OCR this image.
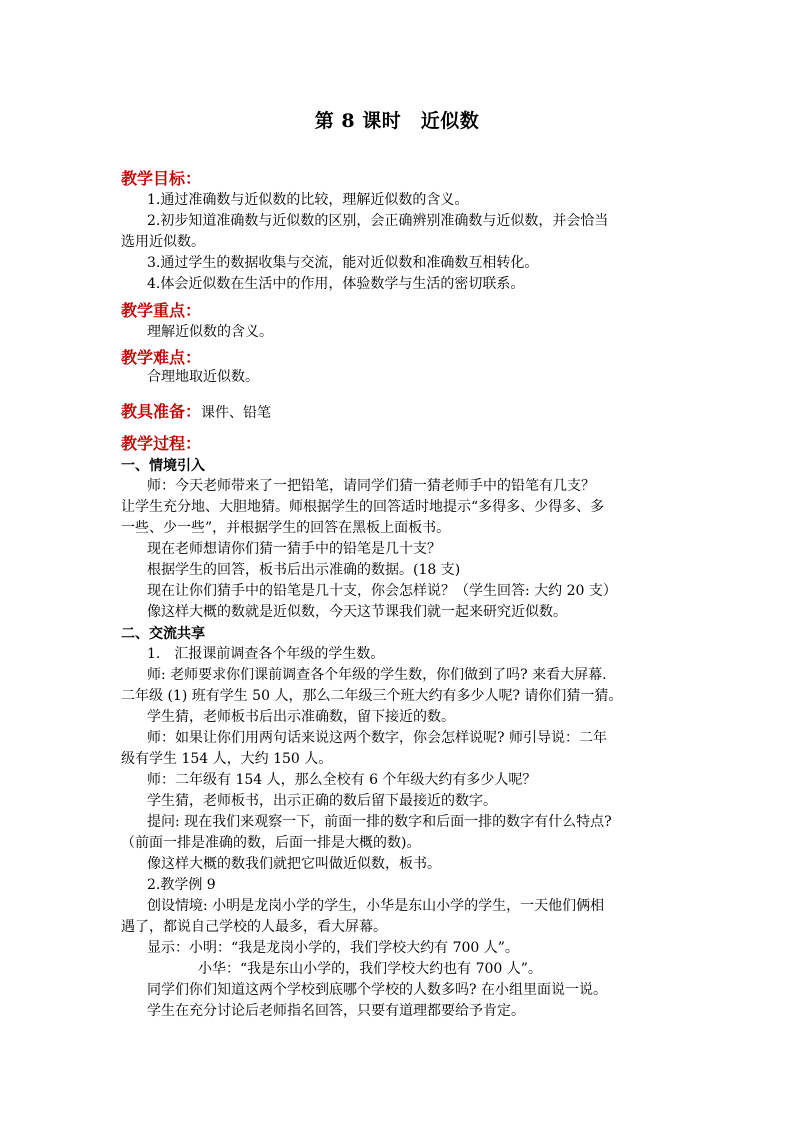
第 8 课时　近似数
教学目标：
1.通过准确数与近似数的比较，理解近似数的含义。
2.初步知道准确数与近似数的区别，会正确辨别准确数与近似数，并会恰当
选用近似数。
3.通过学生的数据收集与交流，能对近似数和准确数互相转化。
4.体会近似数在生活中的作用，体验数学与生活的密切联系。
教学重点：
理解近似数的含义。
教学难点：
合理地取近似数。
教具准备：课件、铅笔
教学过程：
一、情境引入
师：今天老师带来了一把铅笔，请同学们猜一猜老师手中的铅笔有几支？
让学生充分地、大胆地猜。师根据学生的回答适时地提示“多得多、少得多、多
一些、少一些”，并根据学生的回答在黑板上面板书。
现在老师想请你们猜一猜手中的铅笔是几十支？
根据学生的回答，板书后出示准确的数据。(18 支)
现在让你们猜手中的铅笔是几十支，你会怎样说？（学生回答: 大约 20 支）
像这样大概的数就是近似数，今天这节课我们就一起来研究近似数。
二、交流共享
1.　汇报课前调查各个年级的学生数。
师: 老师要求你们课前调查各个年级的学生数，你们做到了吗? 来看大屏幕.
二年级 (1) 班有学生 50 人，那么二年级三个班大约有多少人呢? 请你们猜一猜。
学生猜，老师板书后出示准确数，留下接近的数。
师：如果让你们用两句话来说这两个数字，你会怎样说呢? 师引导说：二年
级有学生 154 人，大约 150 人。
师：二年级有 154 人，那么全校有 6 个年级大约有多少人呢？
学生猜，老师板书，出示正确的数后留下最接近的数字。
提问: 现在我们来观察一下，前面一排的数字和后面一排的数字有什么特点?
（前面一排是准确的数，后面一排是大概的数)。
像这样大概的数我们就把它叫做近似数，板书。
2.教学例 9
创设情境: 小明是龙岗小学的学生，小华是东山小学的学生，一天他们俩相
遇了，都说自己学校的人最多，看大屏幕。
显示：小明：“我是龙岗小学的，我们学校大约有 700 人”。
小华：“我是东山小学的，我们学校大约也有 700 人”。
同学们你们知道这两个学校到底哪个学校的人数多吗? 在小组里面说一说。
学生在充分讨论后老师指名回答，只要有道理都要给予肯定。
